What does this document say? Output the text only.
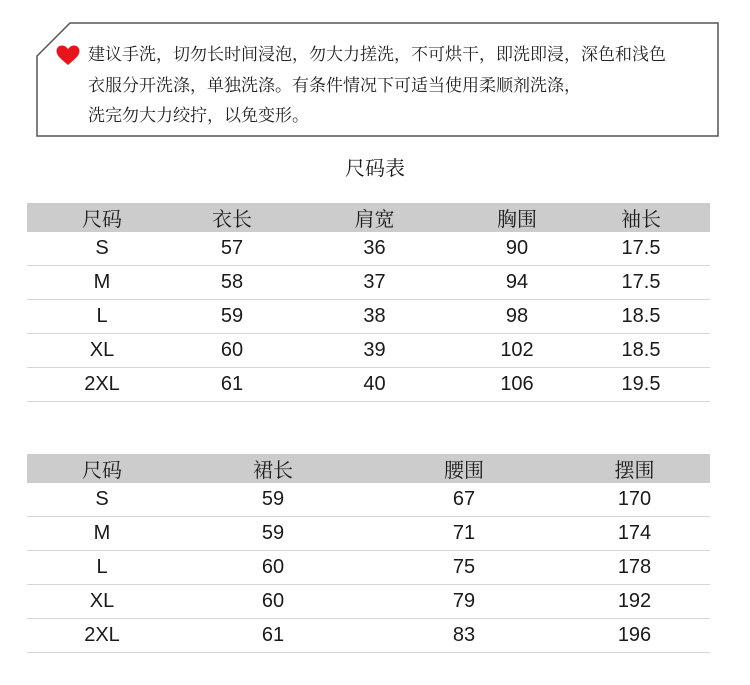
建议手洗，切勿长时间浸泡，勿大力搓洗，不可烘干，即洗即浸，深色和浅色
衣服分开洗涤，单独洗涤。有条件情况下可适当使用柔顺剂洗涤，
洗完勿大力绞拧，以免变形。
尺码表
尺码	衣长	肩宽	胸围	袖长
S	57	36	90	17.5
M	58	37	94	17.5
L	59	38	98	18.5
XL	60	39	102	18.5
2XL	61	40	106	19.5
尺码	裙长	腰围	摆围
S	59	67	170
M	59	71	174
L	60	75	178
XL	60	79	192
2XL	61	83	196
